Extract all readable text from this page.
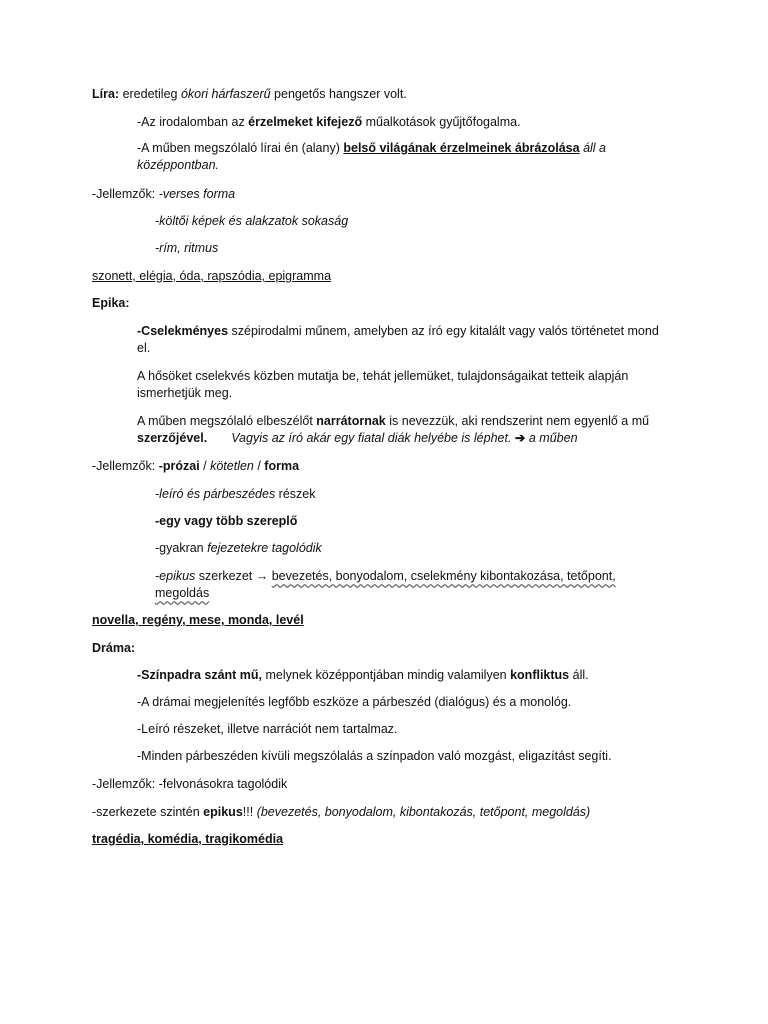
Líra: eredetileg ókori hárfaszerű pengetős hangszer volt.
-Az irodalomban az érzelmeket kifejező műalkotások gyűjtőfogalma.
-A műben megszólaló lírai én (alany) belső világának érzelmeinek ábrázolása áll a
középpontban.
-Jellemzők: -verses forma
-költői képek és alakzatok sokaság
-rím, ritmus
szonett, elégia, óda, rapszódia, epigramma
Epika:
-Cselekményes szépirodalmi műnem, amelyben az író egy kitalált vagy valós történetet mond
el.
A hősöket cselekvés közben mutatja be, tehát jellemüket, tulajdonságaikat tetteik alapján
ismerhetjük meg.
A műben megszólaló elbeszélőt narrátornak is nevezzük, aki rendszerint nem egyenlő a mű
szerzőjével. Vagyis az író akár egy fiatal diák helyébe is léphet. ➔ a műben
-Jellemzők: -prózai / kötetlen / forma
-leíró és párbeszédes részek
-egy vagy több szereplő
-gyakran fejezetekre tagolódik
-epikus szerkezet → bevezetés, bonyodalom, cselekmény kibontakozása, tetőpont,
megoldás
novella, regény, mese, monda, levél
Dráma:
-Színpadra szánt mű, melynek középpontjában mindig valamilyen konfliktus áll.
-A drámai megjelenítés legfőbb eszköze a párbeszéd (dialógus) és a monológ.
-Leíró részeket, illetve narrációt nem tartalmaz.
-Minden párbeszéden kívüli megszólalás a színpadon való mozgást, eligazítást segíti.
-Jellemzők: -felvonásokra tagolódik
-szerkezete szintén epikus!!! (bevezetés, bonyodalom, kibontakozás, tetőpont, megoldás)
tragédia, komédia, tragikomédia
